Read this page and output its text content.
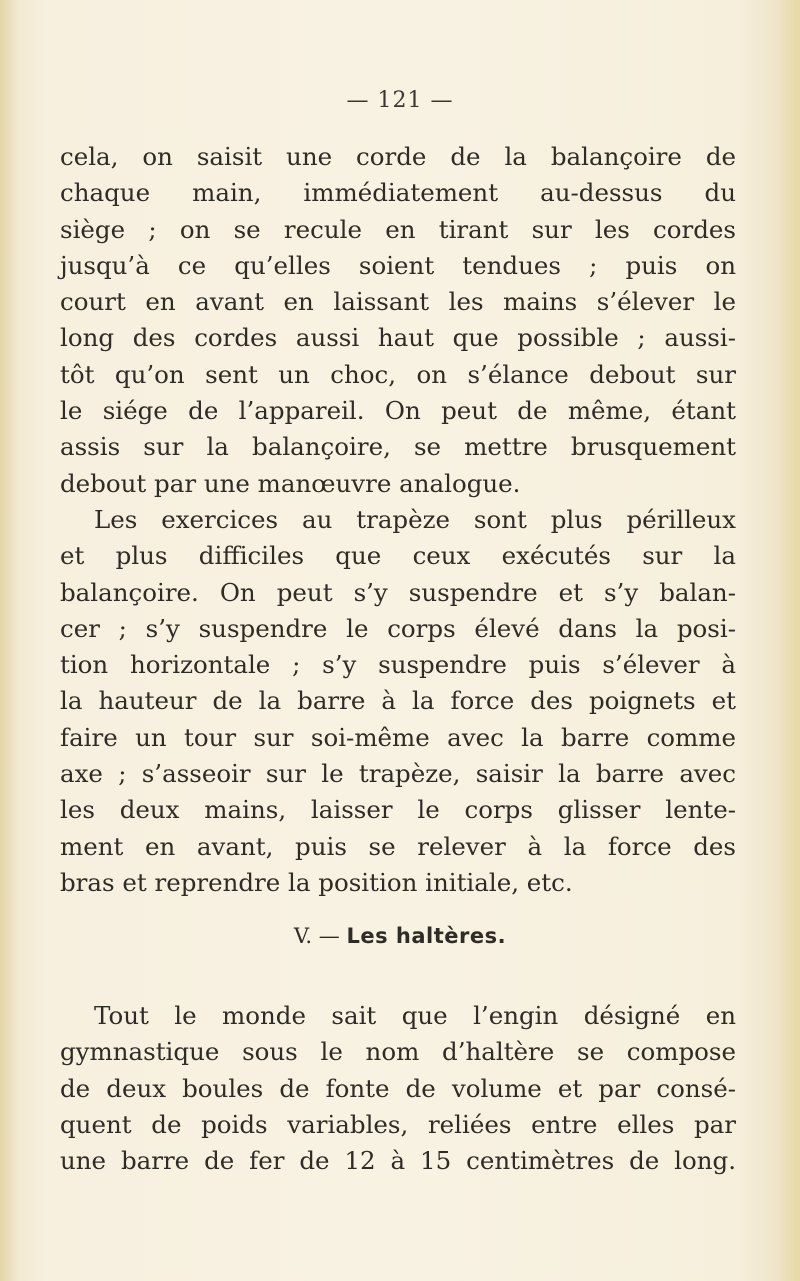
— 121 —
cela, on saisit une corde de la balançoire de
chaque main, immédiatement au-dessus du
siège ; on se recule en tirant sur les cordes
jusqu’à ce qu’elles soient tendues ; puis on
court en avant en laissant les mains s’élever le
long des cordes aussi haut que possible ; aussi-
tôt qu’on sent un choc, on s’élance debout sur
le siége de l’appareil. On peut de même, étant
assis sur la balançoire, se mettre brusquement
debout par une manœuvre analogue.
Les exercices au trapèze sont plus périlleux
et plus difficiles que ceux exécutés sur la
balançoire. On peut s’y suspendre et s’y balan-
cer ; s’y suspendre le corps élevé dans la posi-
tion horizontale ; s’y suspendre puis s’élever à
la hauteur de la barre à la force des poignets et
faire un tour sur soi-même avec la barre comme
axe ; s’asseoir sur le trapèze, saisir la barre avec
les deux mains, laisser le corps glisser lente-
ment en avant, puis se relever à la force des
bras et reprendre la position initiale, etc.
V. — Les haltères.
Tout le monde sait que l’engin désigné en
gymnastique sous le nom d’haltère se compose
de deux boules de fonte de volume et par consé-
quent de poids variables, reliées entre elles par
une barre de fer de 12 à 15 centimètres de long.
